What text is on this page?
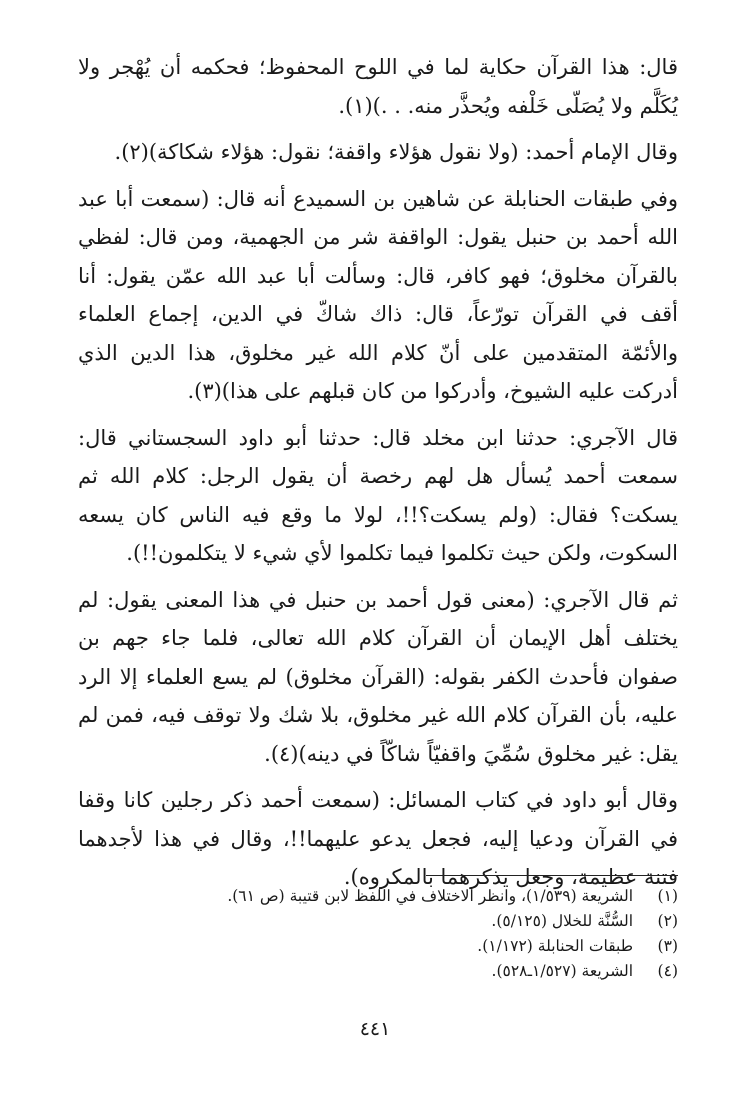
قال: هذا القرآن حكاية لما في اللوح المحفوظ؛ فحكمه أن يُهْجر ولا يُكَلَّم ولا يُصَلّى خَلْفه ويُحذَّر منه. . .)(١).

وقال الإمام أحمد: (ولا نقول هؤلاء واقفة؛ نقول: هؤلاء شكاكة)(٢).

وفي طبقات الحنابلة عن شاهين بن السميدع أنه قال: (سمعت أبا عبد الله أحمد بن حنبل يقول: الواقفة شر من الجهمية، ومن قال: لفظي بالقرآن مخلوق؛ فهو كافر، قال: وسألت أبا عبد الله عمّن يقول: أنا أقف في القرآن تورّعاً، قال: ذاك شاكّ في الدين، إجماع العلماء والأئمّة المتقدمين على أنّ كلام الله غير مخلوق، هذا الدين الذي أدركت عليه الشيوخ، وأدركوا من كان قبلهم على هذا)(٣).

قال الآجري: حدثنا ابن مخلد قال: حدثنا أبو داود السجستاني قال: سمعت أحمد يُسأل هل لهم رخصة أن يقول الرجل: كلام الله ثم يسكت؟ فقال: (ولم يسكت؟!!، لولا ما وقع فيه الناس كان يسعه السكوت، ولكن حيث تكلموا فيما تكلموا لأي شيء لا يتكلمون!!).

ثم قال الآجري: (معنى قول أحمد بن حنبل في هذا المعنى يقول: لم يختلف أهل الإيمان أن القرآن كلام الله تعالى، فلما جاء جهم بن صفوان فأحدث الكفر بقوله: (القرآن مخلوق) لم يسع العلماء إلا الرد عليه، بأن القرآن كلام الله غير مخلوق، بلا شك ولا توقف فيه، فمن لم يقل: غير مخلوق سُمِّيَ واقفيّاً شاكّاً في دينه)(٤).

وقال أبو داود في كتاب المسائل: (سمعت أحمد ذكر رجلين كانا وقفا في القرآن ودعيا إليه، فجعل يدعو عليهما!!، وقال في هذا لأجدهما فتنة عظيمة، وجعل يذكرهما بالمكروه).

(١) الشريعة (١/٥٣٩)، وانظر الاختلاف في اللفظ لابن قتيبة (ص ٦١).
(٢) السُّنَّة للخلال (٥/١٢٥).
(٣) طبقات الحنابلة (١/١٧٢).
(٤) الشريعة (١/٥٢٧ـ٥٢٨).
٤٤١
